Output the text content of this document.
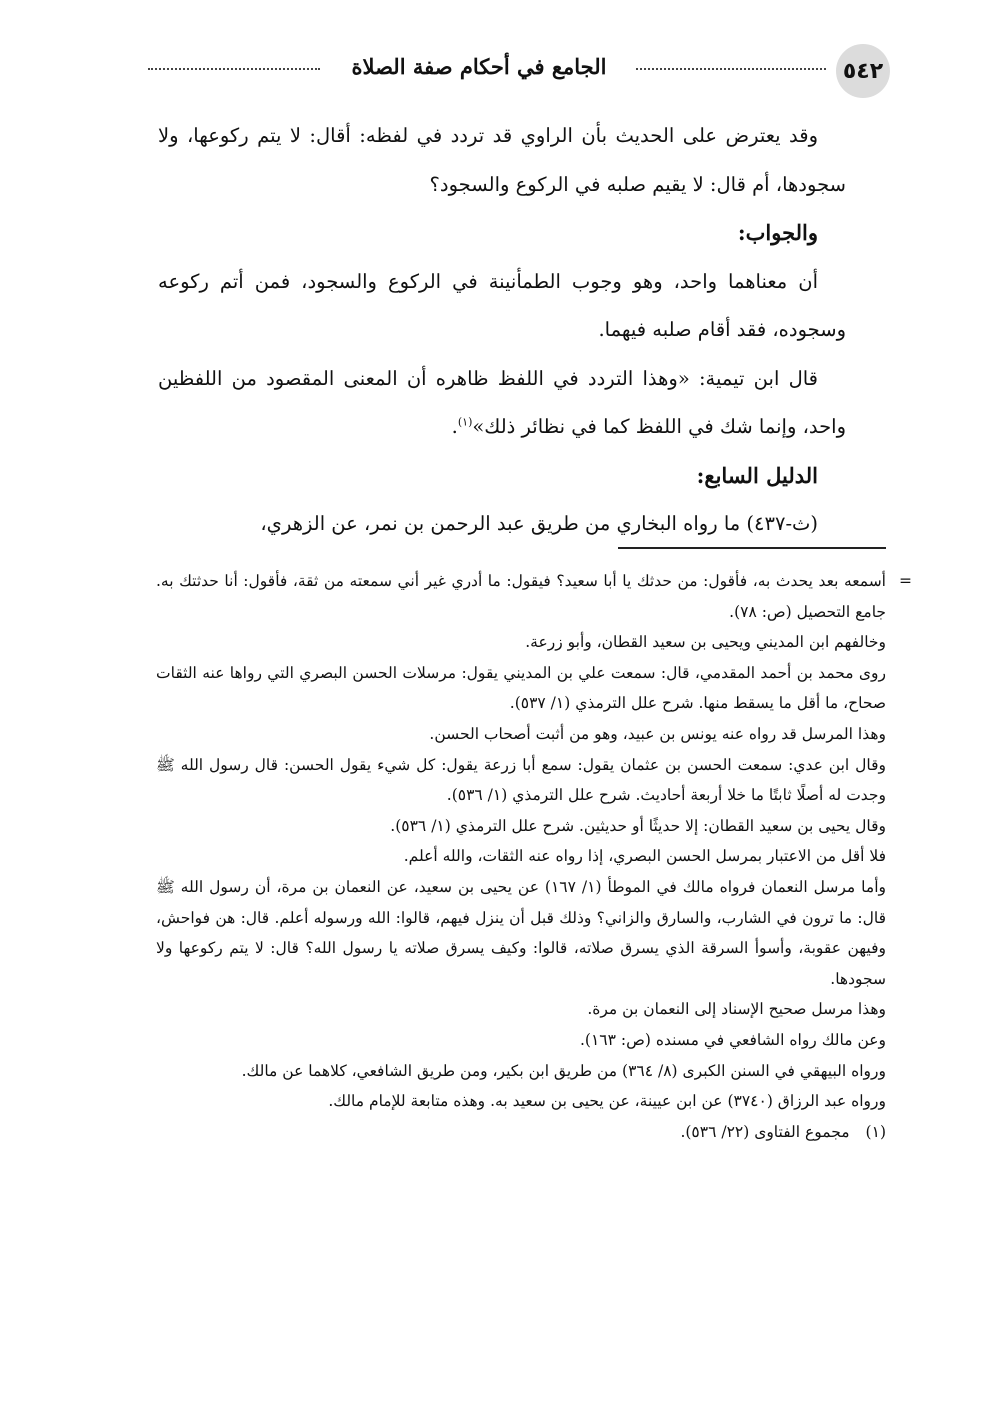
٥٤٢
الجامع في أحكام صفة الصلاة

وقد يعترض على الحديث بأن الراوي قد تردد في لفظه: أقال: لا يتم ركوعها، ولا سجودها، أم قال: لا يقيم صلبه في الركوع والسجود؟

والجواب:

أن معناهما واحد، وهو وجوب الطمأنينة في الركوع والسجود، فمن أتم ركوعه وسجوده، فقد أقام صلبه فيهما.

قال ابن تيمية: «وهذا التردد في اللفظ ظاهره أن المعنى المقصود من اللفظين واحد، وإنما شك في اللفظ كما في نظائر ذلك»$^{(١)}$.

الدليل السابع:

(ث-٤٣٧) ما رواه البخاري من طريق عبد الرحمن بن نمر، عن الزهري،

=
أسمعه بعد يحدث به، فأقول: من حدثك يا أبا سعيد؟ فيقول: ما أدري غير أني سمعته من ثقة، فأقول: أنا حدثتك به. جامع التحصيل (ص: ٧٨).

وخالفهم ابن المديني ويحيى بن سعيد القطان، وأبو زرعة.

روى محمد بن أحمد المقدمي، قال: سمعت علي بن المديني يقول: مرسلات الحسن البصري التي رواها عنه الثقات صحاح، ما أقل ما يسقط منها. شرح علل الترمذي (١/ ٥٣٧).

وهذا المرسل قد رواه عنه يونس بن عبيد، وهو من أثبت أصحاب الحسن.

وقال ابن عدي: سمعت الحسن بن عثمان يقول: سمع أبا زرعة يقول: كل شيء يقول الحسن: قال رسول الله ﷺ وجدت له أصلًا ثابتًا ما خلا أربعة أحاديث. شرح علل الترمذي (١/ ٥٣٦).

وقال يحيى بن سعيد القطان: إلا حديثًا أو حديثين. شرح علل الترمذي (١/ ٥٣٦).

فلا أقل من الاعتبار بمرسل الحسن البصري، إذا رواه عنه الثقات، والله أعلم.

وأما مرسل النعمان فرواه مالك في الموطأ (١/ ١٦٧) عن يحيى بن سعيد، عن النعمان بن مرة، أن رسول الله ﷺ قال: ما ترون في الشارب، والسارق والزاني؟ وذلك قبل أن ينزل فيهم، قالوا: الله ورسوله أعلم. قال: هن فواحش، وفيهن عقوبة، وأسوأ السرقة الذي يسرق صلاته، قالوا: وكيف يسرق صلاته يا رسول الله؟ قال: لا يتم ركوعها ولا سجودها.

وهذا مرسل صحيح الإسناد إلى النعمان بن مرة.

وعن مالك رواه الشافعي في مسنده (ص: ١٦٣).

ورواه البيهقي في السنن الكبرى (٨/ ٣٦٤) من طريق ابن بكير، ومن طريق الشافعي، كلاهما عن مالك.

ورواه عبد الرزاق (٣٧٤٠) عن ابن عيينة، عن يحيى بن سعيد به. وهذه متابعة للإمام مالك.

(١)
مجموع الفتاوى (٢٢/ ٥٣٦).
